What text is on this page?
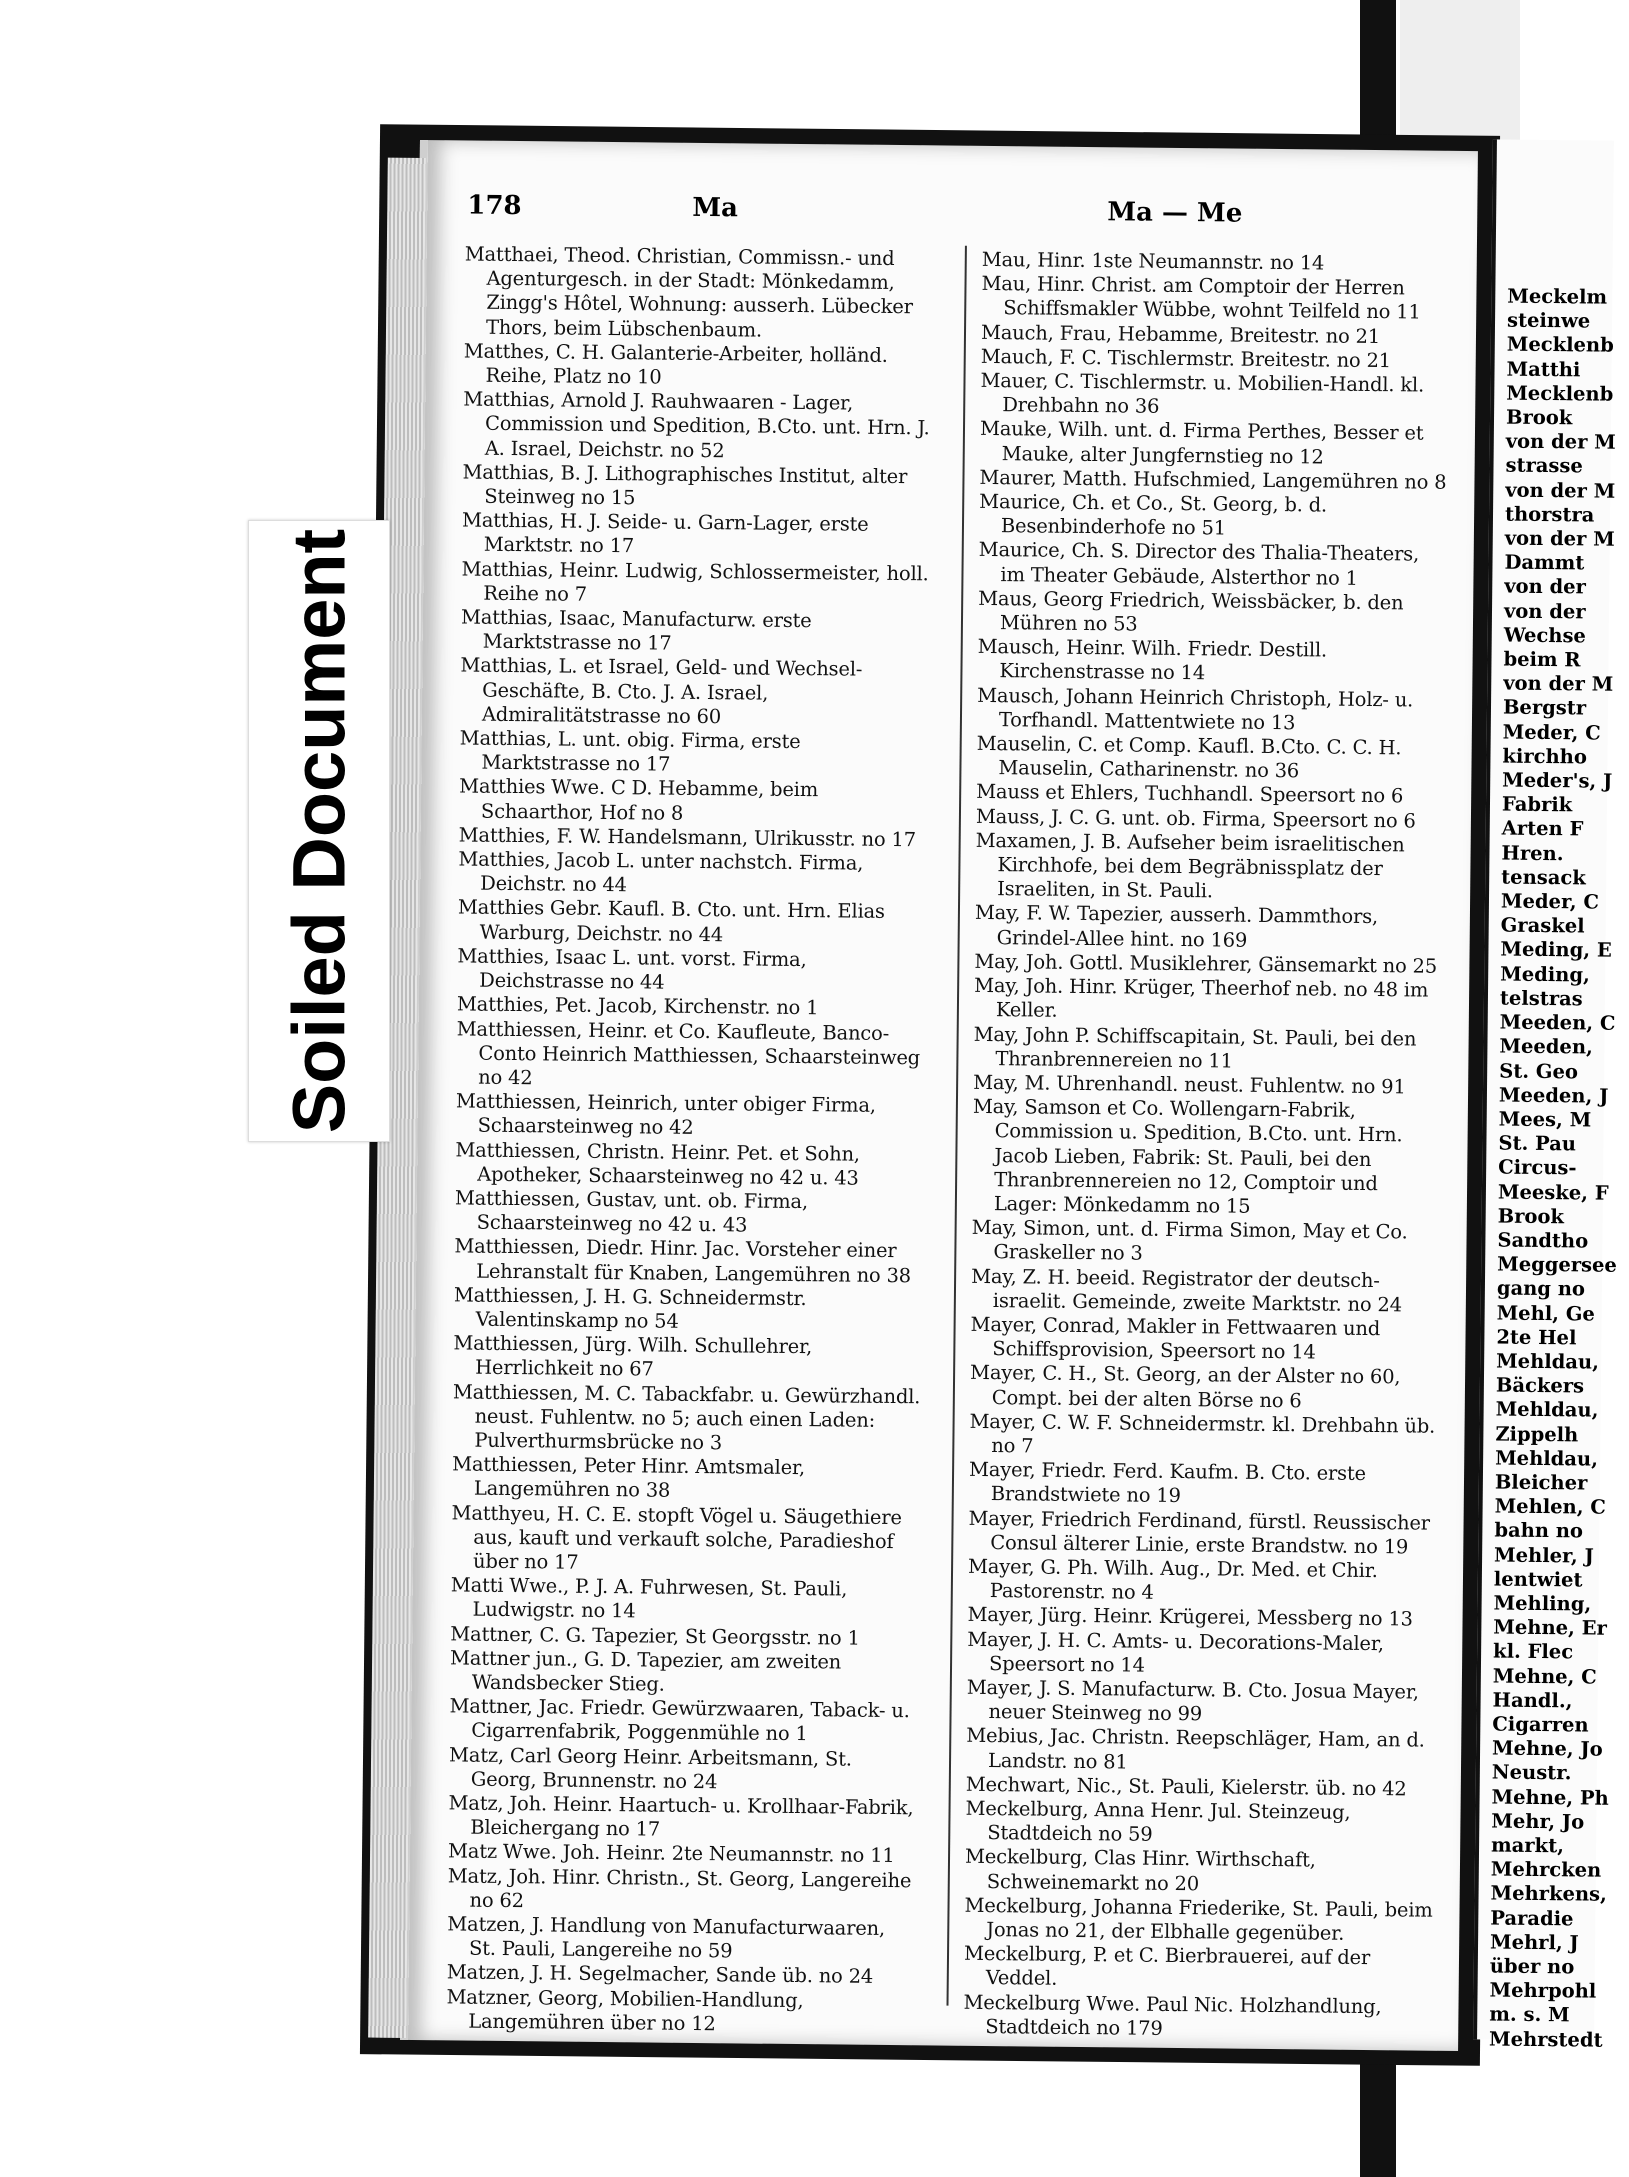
178	Ma	Ma — Me

Matthaei, Theod. Christian, Commissn.- und Agenturgesch. in der Stadt: Mönkedamm, Zingg's Hôtel, Wohnung: ausserh. Lübecker Thors, beim Lübschenbaum.

Matthes, C. H. Galanterie-Arbeiter, holländ. Reihe, Platz no 10

Matthias, Arnold J. Rauhwaaren - Lager, Commission und Spedition, B.Cto. unt. Hrn. J. A. Israel, Deichstr. no 52

Matthias, B. J. Lithographisches Institut, alter Steinweg no 15

Matthias, H. J. Seide- u. Garn-Lager, erste Marktstr. no 17

Matthias, Heinr. Ludwig, Schlossermeister, holl. Reihe no 7

Matthias, Isaac, Manufacturw. erste Marktstrasse no 17

Matthias, L. et Israel, Geld- und Wechsel-Geschäfte, B. Cto. J. A. Israel, Admiralitätstrasse no 60

Matthias, L. unt. obig. Firma, erste Marktstrasse no 17

Matthies Wwe. C D. Hebamme, beim Schaarthor, Hof no 8

Matthies, F. W. Handelsmann, Ulrikusstr. no 17

Matthies, Jacob L. unter nachstch. Firma, Deichstr. no 44

Matthies Gebr. Kaufl. B. Cto. unt. Hrn. Elias Warburg, Deichstr. no 44

Matthies, Isaac L. unt. vorst. Firma, Deichstrasse no 44

Matthies, Pet. Jacob, Kirchenstr. no 1

Matthiessen, Heinr. et Co. Kaufleute, Banco-Conto Heinrich Matthiessen, Schaarsteinweg no 42

Matthiessen, Heinrich, unter obiger Firma, Schaarsteinweg no 42

Matthiessen, Christn. Heinr. Pet. et Sohn, Apotheker, Schaarsteinweg no 42 u. 43

Matthiessen, Gustav, unt. ob. Firma, Schaarsteinweg no 42 u. 43

Matthiessen, Diedr. Hinr. Jac. Vorsteher einer Lehranstalt für Knaben, Langemühren no 38

Matthiessen, J. H. G. Schneidermstr. Valentinskamp no 54

Matthiessen, Jürg. Wilh. Schullehrer, Herrlichkeit no 67

Matthiessen, M. C. Tabackfabr. u. Gewürzhandl. neust. Fuhlentw. no 5; auch einen Laden: Pulverthurmsbrücke no 3

Matthiessen, Peter Hinr. Amtsmaler, Langemühren no 38

Matthyeu, H. C. E. stopft Vögel u. Säugethiere aus, kauft und verkauft solche, Paradieshof über no 17

Matti Wwe., P. J. A. Fuhrwesen, St. Pauli, Ludwigstr. no 14

Mattner, C. G. Tapezier, St Georgsstr. no 1

Mattner jun., G. D. Tapezier, am zweiten Wandsbecker Stieg.

Mattner, Jac. Friedr. Gewürzwaaren, Taback- u. Cigarrenfabrik, Poggenmühle no 1

Matz, Carl Georg Heinr. Arbeitsmann, St. Georg, Brunnenstr. no 24

Matz, Joh. Heinr. Haartuch- u. Krollhaar-Fabrik, Bleichergang no 17

Matz Wwe. Joh. Heinr. 2te Neumannstr. no 11

Matz, Joh. Hinr. Christn., St. Georg, Langereihe no 62

Matzen, J. Handlung von Manufacturwaaren, St. Pauli, Langereihe no 59

Matzen, J. H. Segelmacher, Sande üb. no 24

Matzner, Georg, Mobilien-Handlung, Langemühren über no 12

Mau, Hinr. 1ste Neumannstr. no 14

Mau, Hinr. Christ. am Comptoir der Herren Schiffsmakler Wübbe, wohnt Teilfeld no 11

Mauch, Frau, Hebamme, Breitestr. no 21

Mauch, F. C. Tischlermstr. Breitestr. no 21

Mauer, C. Tischlermstr. u. Mobilien-Handl. kl. Drehbahn no 36

Mauke, Wilh. unt. d. Firma Perthes, Besser et Mauke, alter Jungfernstieg no 12

Maurer, Matth. Hufschmied, Langemühren no 8

Maurice, Ch. et Co., St. Georg, b. d. Besenbinderhofe no 51

Maurice, Ch. S. Director des Thalia-Theaters, im Theater Gebäude, Alsterthor no 1

Maus, Georg Friedrich, Weissbäcker, b. den Mühren no 53

Mausch, Heinr. Wilh. Friedr. Destill. Kirchenstrasse no 14

Mausch, Johann Heinrich Christoph, Holz- u. Torfhandl. Mattentwiete no 13

Mauselin, C. et Comp. Kaufl. B.Cto. C. C. H. Mauselin, Catharinenstr. no 36

Mauss et Ehlers, Tuchhandl. Speersort no 6

Mauss, J. C. G. unt. ob. Firma, Speersort no 6

Maxamen, J. B. Aufseher beim israelitischen Kirchhofe, bei dem Begräbnissplatz der Israeliten, in St. Pauli.

May, F. W. Tapezier, ausserh. Dammthors, Grindel-Allee hint. no 169

May, Joh. Gottl. Musiklehrer, Gänsemarkt no 25

May, Joh. Hinr. Krüger, Theerhof neb. no 48 im Keller.

May, John P. Schiffscapitain, St. Pauli, bei den Thranbrennereien no 11

May, M. Uhrenhandl. neust. Fuhlentw. no 91

May, Samson et Co. Wollengarn-Fabrik, Commission u. Spedition, B.Cto. unt. Hrn. Jacob Lieben, Fabrik: St. Pauli, bei den Thranbrennereien no 12, Comptoir und Lager: Mönkedamm no 15

May, Simon, unt. d. Firma Simon, May et Co. Graskeller no 3

May, Z. H. beeid. Registrator der deutsch-israelit. Gemeinde, zweite Marktstr. no 24

Mayer, Conrad, Makler in Fettwaaren und Schiffsprovision, Speersort no 14

Mayer, C. H., St. Georg, an der Alster no 60, Compt. bei der alten Börse no 6

Mayer, C. W. F. Schneidermstr. kl. Drehbahn üb. no 7

Mayer, Friedr. Ferd. Kaufm. B. Cto. erste Brandstwiete no 19

Mayer, Friedrich Ferdinand, fürstl. Reussischer Consul älterer Linie, erste Brandstw. no 19

Mayer, G. Ph. Wilh. Aug., Dr. Med. et Chir. Pastorenstr. no 4

Mayer, Jürg. Heinr. Krügerei, Messberg no 13

Mayer, J. H. C. Amts- u. Decorations-Maler, Speersort no 14

Mayer, J. S. Manufacturw. B. Cto. Josua Mayer, neuer Steinweg no 99

Mebius, Jac. Christn. Reepschläger, Ham, an d. Landstr. no 81

Mechwart, Nic., St. Pauli, Kielerstr. üb. no 42

Meckelburg, Anna Henr. Jul. Steinzeug, Stadtdeich no 59

Meckelburg, Clas Hinr. Wirthschaft, Schweinemarkt no 20

Meckelburg, Johanna Friederike, St. Pauli, beim Jonas no 21, der Elbhalle gegenüber.

Meckelburg, P. et C. Bierbrauerei, auf der Veddel.

Meckelburg Wwe. Paul Nic. Holzhandlung, Stadtdeich no 179

Meckelm
steinwe
Mecklenb
Matthi
Mecklenb
Brook
von der M
strasse
von der M
thorstra
von der M
Dammt
von der
von der
Wechse
beim R
von der M
Bergstr
Meder, C
kirchho
Meder's, J
Fabrik
Arten F
Hren.
tensack
Meder, C
Graskel
Meding, E
Meding,
telstras
Meeden, C
Meeden,
St. Geo
Meeden, J
Mees, M
St. Pau
Circus-
Meeske, F
Brook
Sandtho
Meggersee
gang no
Mehl, Ge
2te Hel
Mehldau,
Bäckers
Mehldau,
Zippelh
Mehldau,
Bleicher
Mehlen, C
bahn no
Mehler, J
lentwiet
Mehling,
Mehne, Er
kl. Flec
Mehne, C
Handl.,
Cigarren
Mehne, Jo
Neustr.
Mehne, Ph
Mehr, Jo
markt,
Mehrcken
Mehrkens,
Paradie
Mehrl, J
über no
Mehrpohl
m. s. M
Mehrstedt
Soiled Document
